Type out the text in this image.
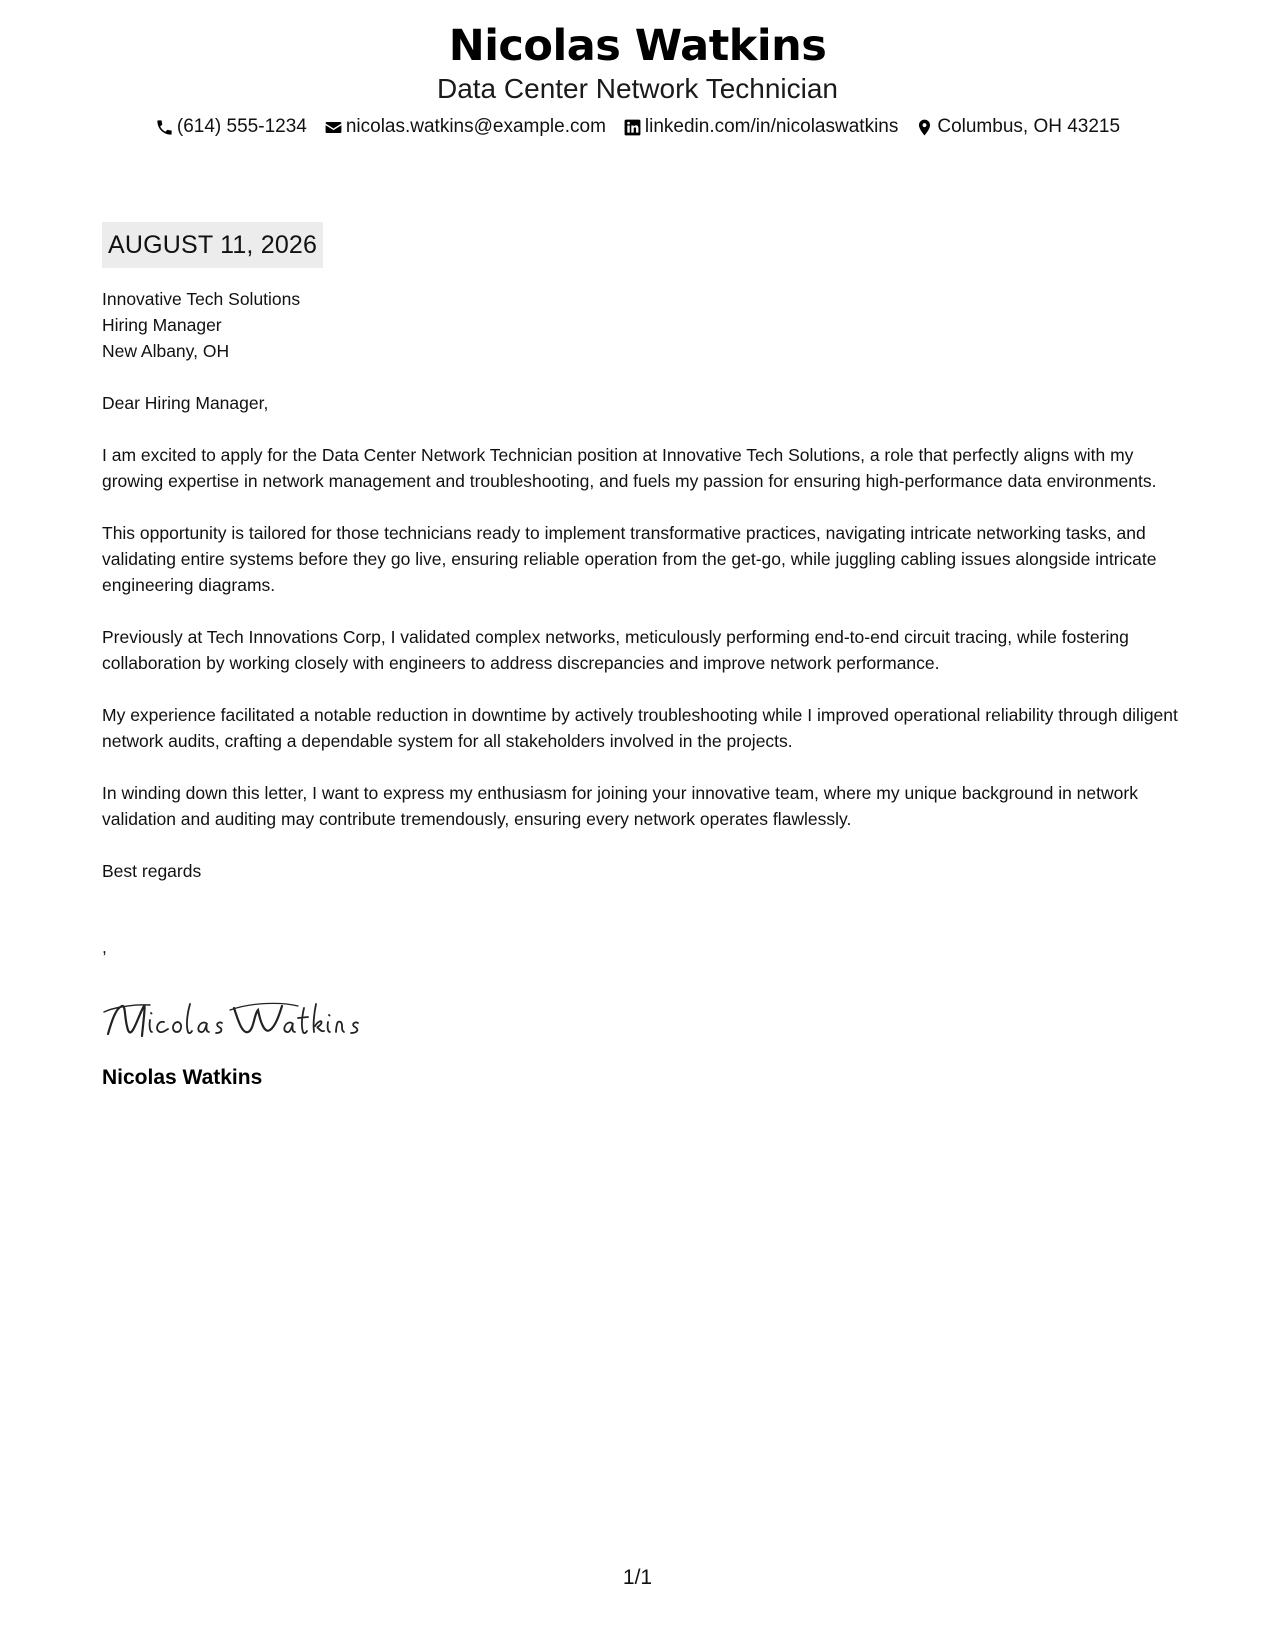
Nicolas Watkins
Data Center Network Technician
(614) 555-1234 nicolas.watkins@example.com linkedin.com/in/nicolaswatkins Columbus, OH 43215
AUGUST 11, 2026
Innovative Tech Solutions
Hiring Manager
New Albany, OH
Dear Hiring Manager,
I am excited to apply for the Data Center Network Technician position at Innovative Tech Solutions, a role that perfectly aligns with my growing expertise in network management and troubleshooting, and fuels my passion for ensuring high-performance data environments.
This opportunity is tailored for those technicians ready to implement transformative practices, navigating intricate networking tasks, and validating entire systems before they go live, ensuring reliable operation from the get-go, while juggling cabling issues alongside intricate engineering diagrams.
Previously at Tech Innovations Corp, I validated complex networks, meticulously performing end-to-end circuit tracing, while fostering collaboration by working closely with engineers to address discrepancies and improve network performance.
My experience facilitated a notable reduction in downtime by actively troubleshooting while I improved operational reliability through diligent network audits, crafting a dependable system for all stakeholders involved in the projects.
In winding down this letter, I want to express my enthusiasm for joining your innovative team, where my unique background in network validation and auditing may contribute tremendously, ensuring every network operates flawlessly.
Best regards
,
Nicolas Watkins
1/1
